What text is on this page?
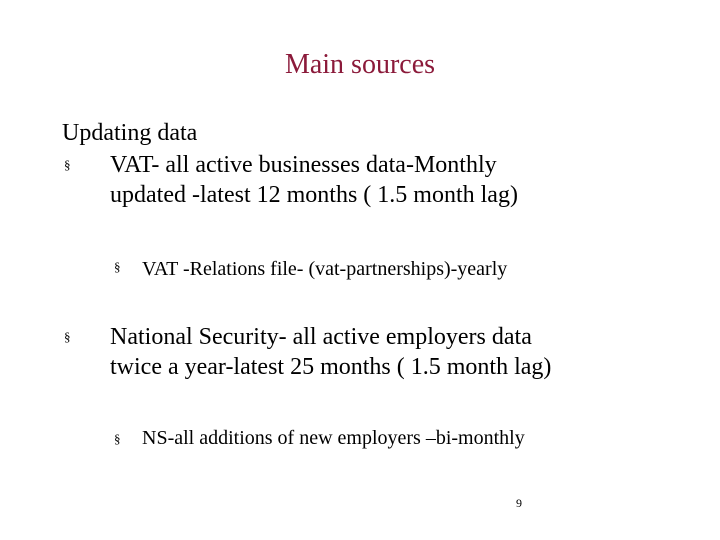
Main sources
Updating data
§ VAT- all active businesses data-Monthly
updated -latest 12 months ( 1.5 month lag)
§ VAT -Relations file- (vat-partnerships)-yearly
§ National Security- all active employers data
twice a year-latest 25 months ( 1.5 month lag)
§ NS-all additions of new employers –bi-monthly
9
